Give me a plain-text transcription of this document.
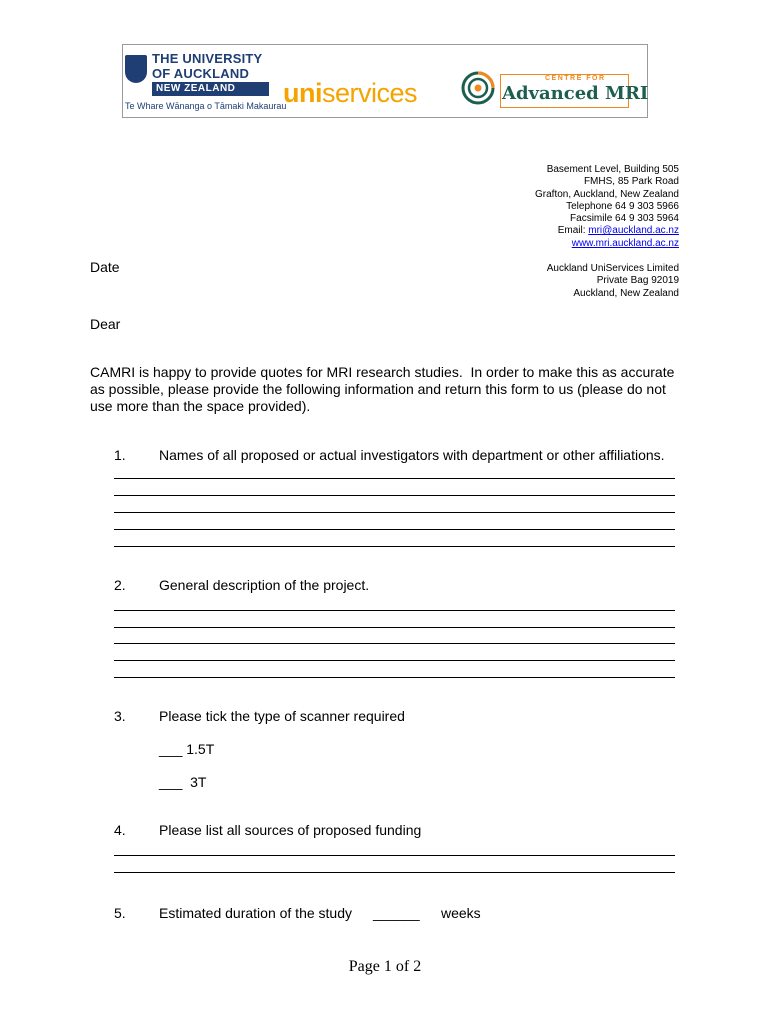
THE UNIVERSITY
OF AUCKLAND
NEW ZEALAND
Te Whare Wānanga o Tāmaki Makaurau
uniservices	CENTRE FOR
Advanced MRI
Basement Level, Building 505
FMHS, 85 Park Road
Grafton, Auckland, New Zealand
Telephone 64 9 303 5966
Facsimile 64 9 303 5964
Email: mri@auckland.ac.nz
www.mri.auckland.ac.nz
Auckland UniServices Limited
Private Bag 92019
Auckland, New Zealand
Date
Dear
CAMRI is happy to provide quotes for MRI research studies.  In order to make this as accurate
as possible, please provide the following information and return this form to us (please do not
use more than the space provided).
1. Names of all proposed or actual investigators with department or other affiliations.
2. General description of the project.
3. Please tick the type of scanner required
___ 1.5T
___  3T
4. Please list all sources of proposed funding
5. Estimated duration of the study ______ weeks
Page 1 of 2
